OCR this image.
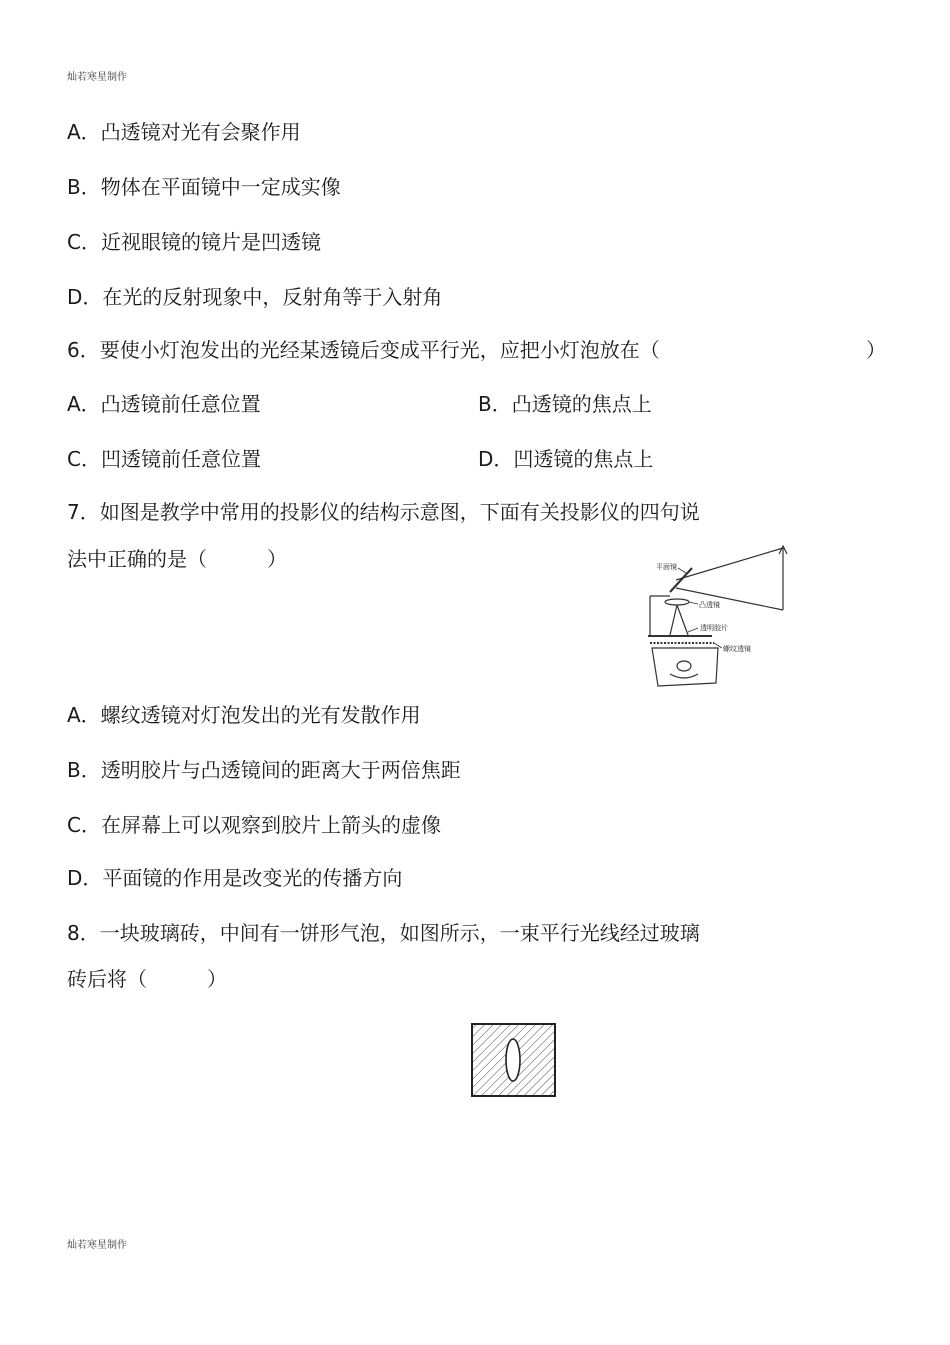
灿若寒星制作
A．凸透镜对光有会聚作用
B．物体在平面镜中一定成实像
C．近视眼镜的镜片是凹透镜
D．在光的反射现象中，反射角等于入射角
6．要使小灯泡发出的光经某透镜后变成平行光，应把小灯泡放在（	）
A．凸透镜前任意位置	B．凸透镜的焦点上
C．凹透镜前任意位置	D．凹透镜的焦点上
7．如图是教学中常用的投影仪的结构示意图，下面有关投影仪的四句说
法中正确的是（　　　）	平面镜
凸透镜
透明胶片
螺纹透镜
A．螺纹透镜对灯泡发出的光有发散作用
B．透明胶片与凸透镜间的距离大于两倍焦距
C．在屏幕上可以观察到胶片上箭头的虚像
D．平面镜的作用是改变光的传播方向
8．一块玻璃砖，中间有一饼形气泡，如图所示，一束平行光线经过玻璃
砖后将（　　　）
灿若寒星制作
